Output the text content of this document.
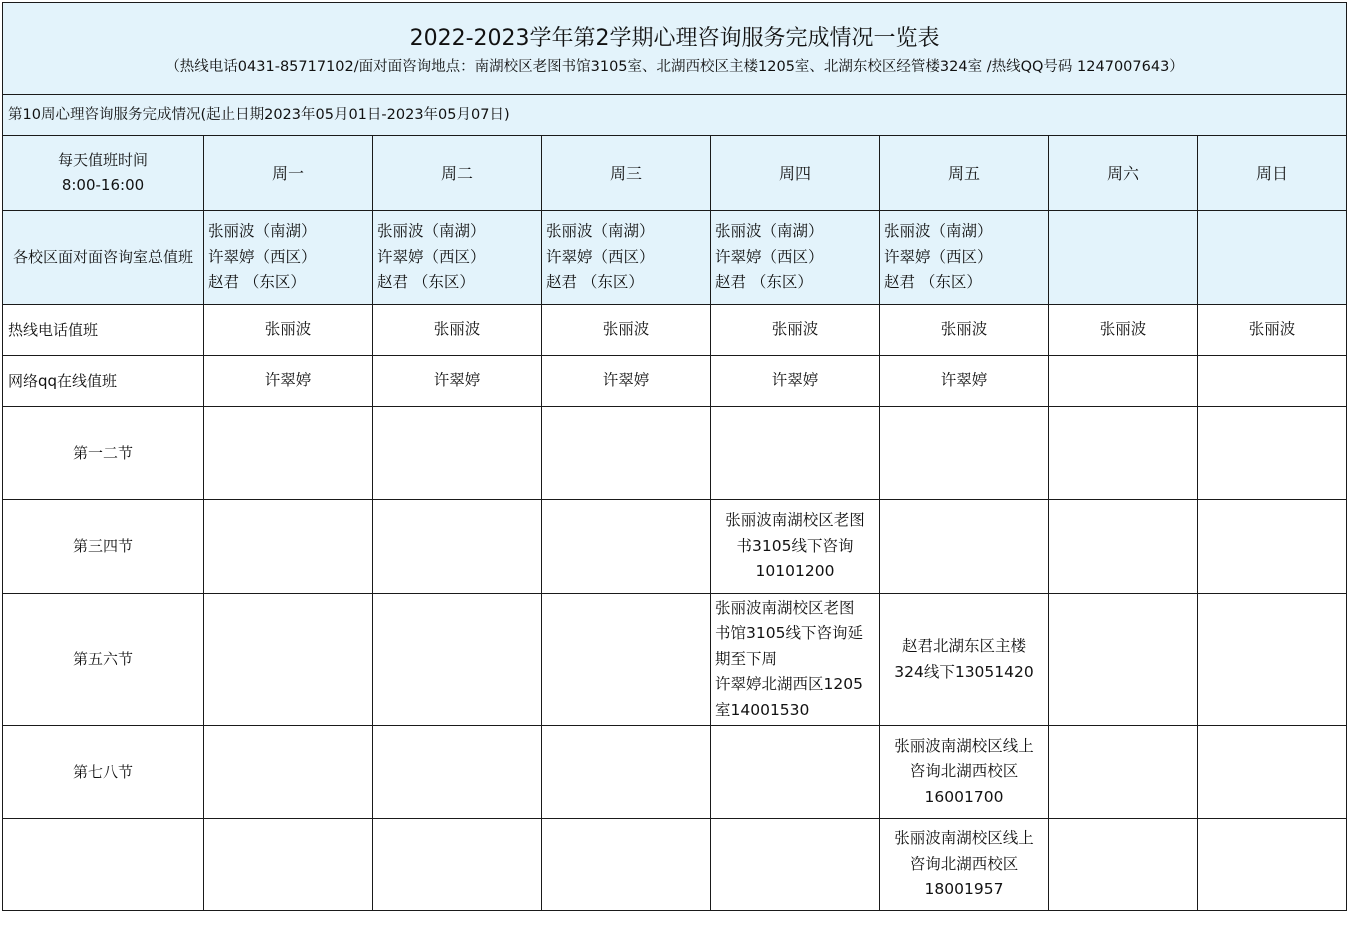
2022-2023学年第2学期心理咨询服务完成情况一览表
（热线电话0431-85717102/面对面咨询地点：南湖校区老图书馆3105室、北湖西校区主楼1205室、北湖东校区经管楼324室 /热线QQ号码 1247007643）							

第10周心理咨询服务完成情况(起止日期2023年05月01日-2023年05月07日)							
每天值班时间
8:00-16:00	周一	周二	周三	周四	周五	周六	周日
各校区面对面咨询室总值班	张丽波（南湖）
许翠婷（西区）
赵君 （东区）	张丽波（南湖）
许翠婷（西区）
赵君 （东区）	张丽波（南湖）
许翠婷（西区）
赵君 （东区）	张丽波（南湖）
许翠婷（西区）
赵君 （东区）	张丽波（南湖）
许翠婷（西区）
赵君 （东区）		
热线电话值班	张丽波	张丽波	张丽波	张丽波	张丽波	张丽波	张丽波
网络qq在线值班	许翠婷	许翠婷	许翠婷	许翠婷	许翠婷		
第一二节							
第三四节				张丽波南湖校区老图书3105线下咨询10101200			
第五六节				张丽波南湖校区老图书馆3105线下咨询延期至下周
许翠婷北湖西区1205室14001530	赵君北湖东区主楼324线下13051420		
第七八节					张丽波南湖校区线上咨询北湖西校区16001700		
					张丽波南湖校区线上咨询北湖西校区18001957		
